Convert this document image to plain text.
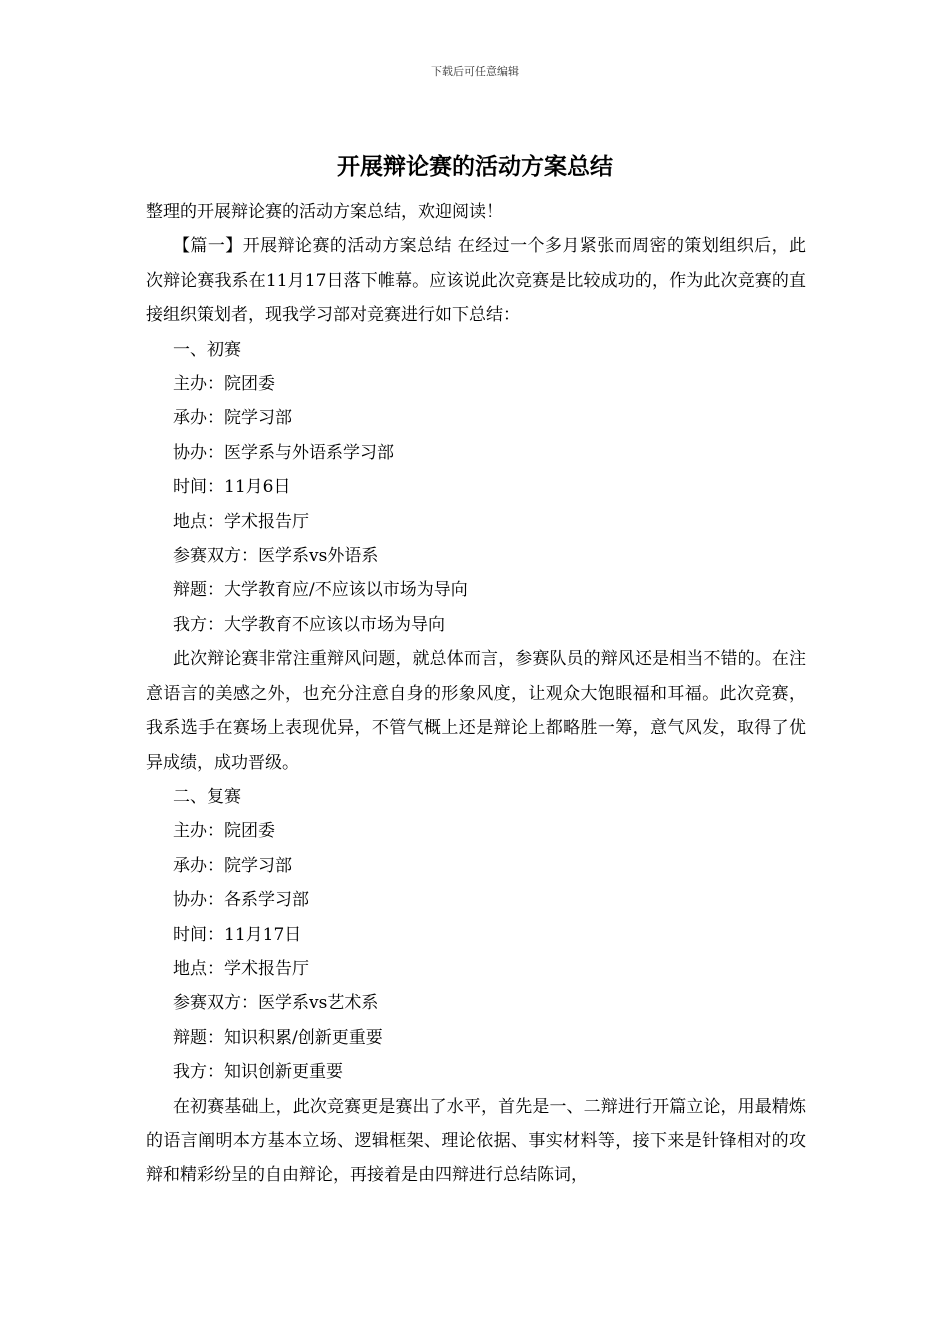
下载后可任意编辑
开展辩论赛的活动方案总结

整理的开展辩论赛的活动方案总结，欢迎阅读！

【篇一】开展辩论赛的活动方案总结 在经过一个多月紧张而周密的策划组织后，此次辩论赛我系在11月17日落下帷幕。应该说此次竞赛是比较成功的，作为此次竞赛的直接组织策划者，现我学习部对竞赛进行如下总结：

一、初赛

主办：院团委

承办：院学习部

协办：医学系与外语系学习部

时间：11月6日

地点：学术报告厅

参赛双方：医学系vs外语系

辩题：大学教育应/不应该以市场为导向

我方：大学教育不应该以市场为导向

此次辩论赛非常注重辩风问题，就总体而言，参赛队员的辩风还是相当不错的。在注意语言的美感之外，也充分注意自身的形象风度，让观众大饱眼福和耳福。此次竞赛，我系选手在赛场上表现优异，不管气概上还是辩论上都略胜一筹，意气风发，取得了优异成绩，成功晋级。

二、复赛

主办：院团委

承办：院学习部

协办：各系学习部

时间：11月17日

地点：学术报告厅

参赛双方：医学系vs艺术系

辩题：知识积累/创新更重要

我方：知识创新更重要

在初赛基础上，此次竞赛更是赛出了水平，首先是一、二辩进行开篇立论，用最精炼的语言阐明本方基本立场、逻辑框架、理论依据、事实材料等，接下来是针锋相对的攻辩和精彩纷呈的自由辩论，再接着是由四辩进行总结陈词，
